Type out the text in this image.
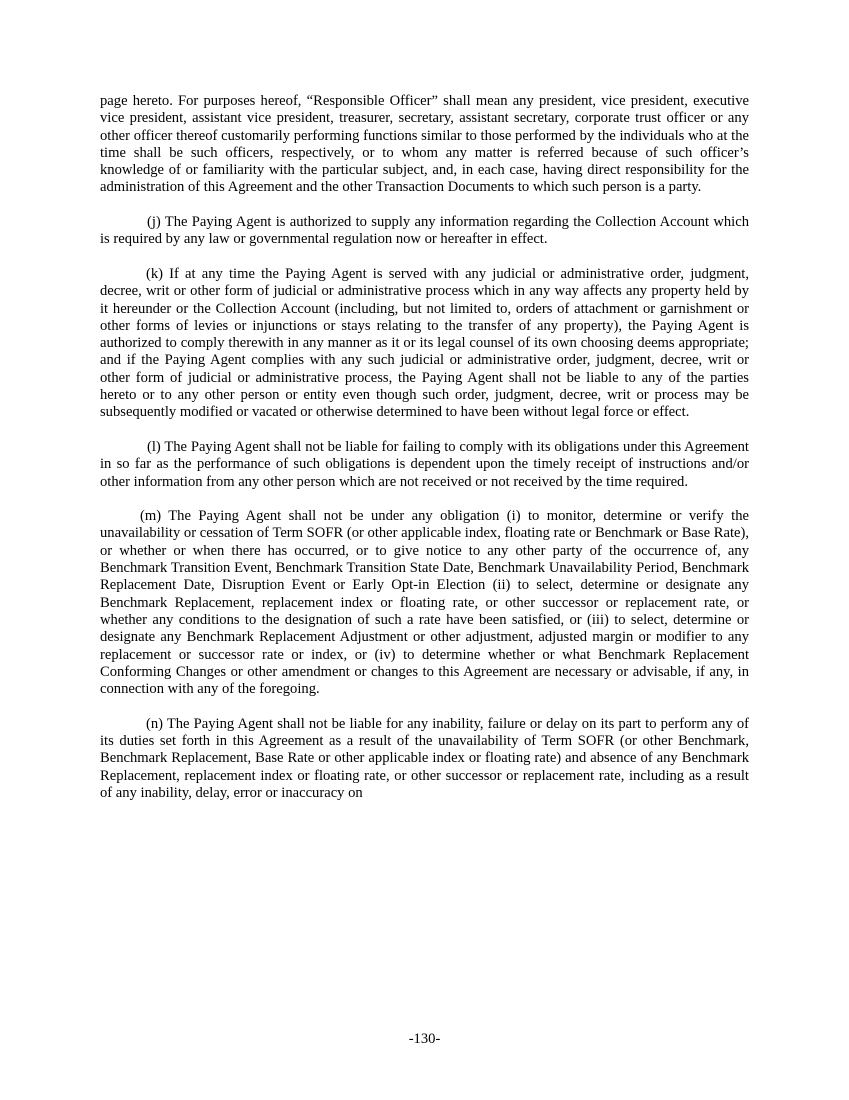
page hereto. For purposes hereof, “Responsible Officer” shall mean any president, vice president, executive vice president, assistant vice president, treasurer, secretary, assistant secretary, corporate trust officer or any other officer thereof customarily performing functions similar to those performed by the individuals who at the time shall be such officers, respectively, or to whom any matter is referred because of such officer’s knowledge of or familiarity with the particular subject, and, in each case, having direct responsibility for the administration of this Agreement and the other Transaction Documents to which such person is a party.

(j) The Paying Agent is authorized to supply any information regarding the Collection Account which is required by any law or governmental regulation now or hereafter in effect.

(k) If at any time the Paying Agent is served with any judicial or administrative order, judgment, decree, writ or other form of judicial or administrative process which in any way affects any property held by it hereunder or the Collection Account (including, but not limited to, orders of attachment or garnishment or other forms of levies or injunctions or stays relating to the transfer of any property), the Paying Agent is authorized to comply therewith in any manner as it or its legal counsel of its own choosing deems appropriate; and if the Paying Agent complies with any such judicial or administrative order, judgment, decree, writ or other form of judicial or administrative process, the Paying Agent shall not be liable to any of the parties hereto or to any other person or entity even though such order, judgment, decree, writ or process may be subsequently modified or vacated or otherwise determined to have been without legal force or effect.

(l) The Paying Agent shall not be liable for failing to comply with its obligations under this Agreement in so far as the performance of such obligations is dependent upon the timely receipt of instructions and/or other information from any other person which are not received or not received by the time required.

(m) The Paying Agent shall not be under any obligation (i) to monitor, determine or verify the unavailability or cessation of Term SOFR (or other applicable index, floating rate or Benchmark or Base Rate), or whether or when there has occurred, or to give notice to any other party of the occurrence of, any Benchmark Transition Event, Benchmark Transition State Date, Benchmark Unavailability Period, Benchmark Replacement Date, Disruption Event or Early Opt-in Election (ii) to select, determine or designate any Benchmark Replacement, replacement index or floating rate, or other successor or replacement rate, or whether any conditions to the designation of such a rate have been satisfied, or (iii) to select, determine or designate any Benchmark Replacement Adjustment or other adjustment, adjusted margin or modifier to any replacement or successor rate or index, or (iv) to determine whether or what Benchmark Replacement Conforming Changes or other amendment or changes to this Agreement are necessary or advisable, if any, in connection with any of the foregoing.

(n) The Paying Agent shall not be liable for any inability, failure or delay on its part to perform any of its duties set forth in this Agreement as a result of the unavailability of Term SOFR (or other Benchmark, Benchmark Replacement, Base Rate or other applicable index or floating rate) and absence of any Benchmark Replacement, replacement index or floating rate, or other successor or replacement rate, including as a result of any inability, delay, error or inaccuracy on

-130-
